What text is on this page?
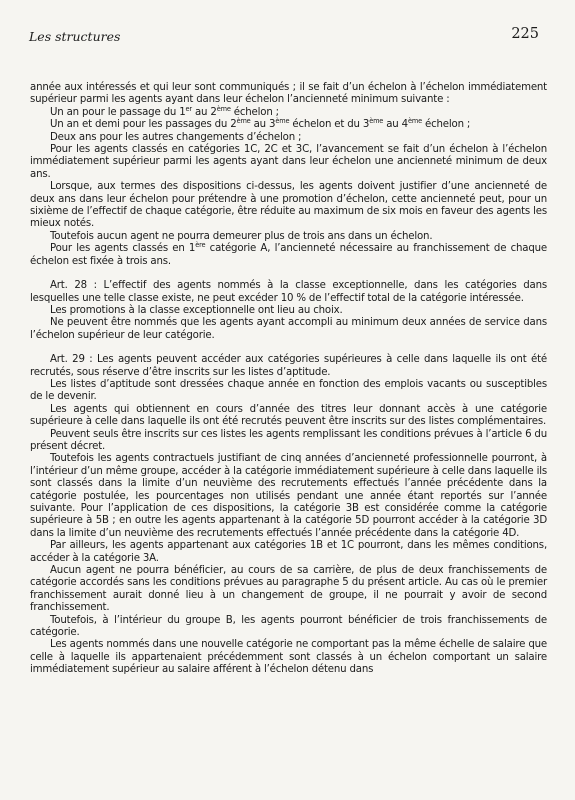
Les structures	225

année aux intéressés et qui leur sont communiqués ; il se fait d’un échelon à l’échelon immédiatement supérieur parmi les agents ayant dans leur échelon l’ancienneté minimum suivante :

Un an pour le passage du 1er au 2ème échelon ;

Un an et demi pour les passages du 2ème au 3ème échelon et du 3ème au 4ème échelon ;

Deux ans pour les autres changements d’échelon ;

Pour les agents classés en catégories 1C, 2C et 3C, l’avancement se fait d’un échelon à l’échelon immédiatement supérieur parmi les agents ayant dans leur échelon une ancienneté minimum de deux ans.

Lorsque, aux termes des dispositions ci-dessus, les agents doivent justifier d’une ancienneté de deux ans dans leur échelon pour prétendre à une promotion d’échelon, cette ancienneté peut, pour un sixième de l’effectif de chaque catégorie, être réduite au maximum de six mois en faveur des agents les mieux notés.

Toutefois aucun agent ne pourra demeurer plus de trois ans dans un échelon.

Pour les agents classés en 1ère catégorie A, l’ancienneté nécessaire au franchissement de chaque échelon est fixée à trois ans.

Art. 28 : L’effectif des agents nommés à la classe exceptionnelle, dans les catégories dans lesquelles une telle classe existe, ne peut excéder 10 % de l’effectif total de la catégorie intéressée.

Les promotions à la classe exceptionnelle ont lieu au choix.

Ne peuvent être nommés que les agents ayant accompli au minimum deux années de service dans l’échelon supérieur de leur catégorie.

Art. 29 : Les agents peuvent accéder aux catégories supérieures à celle dans laquelle ils ont été recrutés, sous réserve d’être inscrits sur les listes d’aptitude.

Les listes d’aptitude sont dressées chaque année en fonction des emplois vacants ou susceptibles de le devenir.

Les agents qui obtiennent en cours d’année des titres leur donnant accès à une catégorie supérieure à celle dans laquelle ils ont été recrutés peuvent être inscrits sur des listes complémentaires.

Peuvent seuls être inscrits sur ces listes les agents remplissant les conditions prévues à l’article 6 du présent décret.

Toutefois les agents contractuels justifiant de cinq années d’ancienneté professionnelle pourront, à l’intérieur d’un même groupe, accéder à la catégorie immédiatement supérieure à celle dans laquelle ils sont classés dans la limite d’un neuvième des recrutements effectués l’année précédente dans la catégorie postulée, les pourcentages non utilisés pendant une année étant reportés sur l’année suivante. Pour l’application de ces dispositions, la catégorie 3B est considérée comme la catégorie supérieure à 5B ; en outre les agents appartenant à la catégorie 5D pourront accéder à la catégorie 3D dans la limite d’un neuvième des recrutements effectués l’année précédente dans la catégorie 4D.

Par ailleurs, les agents appartenant aux catégories 1B et 1C pourront, dans les mêmes conditions, accéder à la catégorie 3A.

Aucun agent ne pourra bénéficier, au cours de sa carrière, de plus de deux franchissements de catégorie accordés sans les conditions prévues au paragraphe 5 du présent article. Au cas où le premier franchissement aurait donné lieu à un changement de groupe, il ne pourrait y avoir de second franchissement.

Toutefois, à l’intérieur du groupe B, les agents pourront bénéficier de trois franchissements de catégorie.

Les agents nommés dans une nouvelle catégorie ne comportant pas la même échelle de salaire que celle à laquelle ils appartenaient précédemment sont classés à un échelon comportant un salaire immédiatement supérieur au salaire afférent à l’échelon détenu dans
